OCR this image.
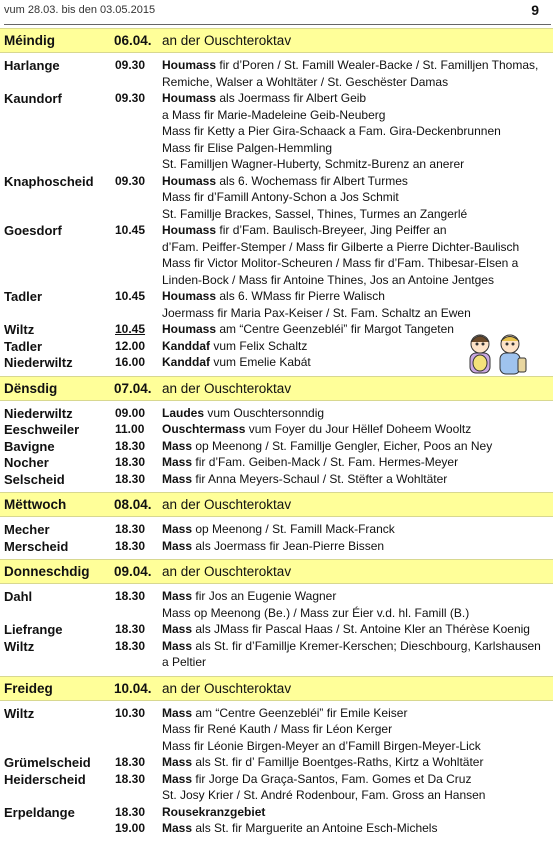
vum 28.03. bis den 03.05.2015	9
Méindig	06.04. an der Ouschteroktav
Harlange	09.30 Houmass fir d’Poren / St. Famill Wealer-Backe / St. Familljen Thomas,
Remiche, Walser a Wohltäter / St. Geschëster Damas
Kaundorf	09.30 Houmass als Joermass fir Albert Geib
a Mass fir Marie-Madeleine Geib-Neuberg
Mass fir Ketty a Pier Gira-Schaack a Fam. Gira-Deckenbrunnen
Mass fir Elise Palgen-Hemmling
St. Familljen Wagner-Huberty, Schmitz-Burenz an anerer
Knaphoscheid 09.30 Houmass als 6. Wochemass fir Albert Turmes
Mass fir d’Famill Antony-Schon a Jos Schmit
St. Famillje Brackes, Sassel, Thines, Turmes an Zangerlé
Goesdorf	10.45 Houmass fir d’Fam. Baulisch-Breyeer, Jing Peiffer an
d’Fam. Peiffer-Stemper / Mass fir Gilberte a Pierre Dichter-Baulisch
Mass fir Victor Molitor-Scheuren / Mass fir d’Fam. Thibesar-Elsen a
Linden-Bock / Mass fir Antoine Thines, Jos an Antoine Jentges
Tadler	10.45 Houmass als 6. WMass fir Pierre Walisch
Joermass fir Maria Pax-Keiser / St. Fam. Schaltz an Ewen
Wiltz	10.45 Houmass am “Centre Geenzebléi” fir Margot Tangeten
Tadler	12.00 Kanddaf vum Felix Schaltz
Niederwiltz	16.00 Kanddaf vum Emelie Kabát
Dënsdig	07.04. an der Ouschteroktav
Niederwiltz	09.00 Laudes vum Ouschtersonndig
Eeschweiler	11.00 Ouschtermass vum Foyer du Jour Hëllef Doheem Wooltz
Bavigne	18.30 Mass op Meenong / St. Famillje Gengler, Eicher, Poos an Ney
Nocher	18.30 Mass fir d’Fam. Geiben-Mack / St. Fam. Hermes-Meyer
Selscheid	18.30 Mass fir Anna Meyers-Schaul / St. Stëfter a Wohltäter
Mëttwoch	08.04. an der Ouschteroktav
Mecher	18.30 Mass op Meenong / St. Famill Mack-Franck
Merscheid	18.30 Mass als Joermass fir Jean-Pierre Bissen
Donneschdig 09.04. an der Ouschteroktav
Dahl	18.30 Mass fir Jos an Eugenie Wagner
Mass op Meenong (Be.) / Mass zur Éier v.d. hl. Famill (B.)
Liefrange	18.30 Mass als JMass fir Pascal Haas / St. Antoine Kler an Thérèse Koenig
Wiltz	18.30 Mass als St. fir d’Famillje Kremer-Kerschen; Dieschbourg, Karlshausen
a Peltier
Freideg	10.04. an der Ouschteroktav
Wiltz	10.30 Mass am “Centre Geenzebléi” fir Emile Keiser
Mass fir René Kauth / Mass fir Léon Kerger
Mass fir Léonie Birgen-Meyer an d’Famill Birgen-Meyer-Lick
Grümelscheid 18.30 Mass als St. fir d’ Famillje Boentges-Raths, Kirtz a Wohltäter
Heiderscheid 18.30 Mass fir Jorge Da Graça-Santos, Fam. Gomes et Da Cruz
St. Josy Krier / St. André Rodenbour, Fam. Gross an Hansen
Erpeldange	18.30 Rousekranzgebiet
19.00 Mass als St. fir Marguerite an Antoine Esch-Michels
